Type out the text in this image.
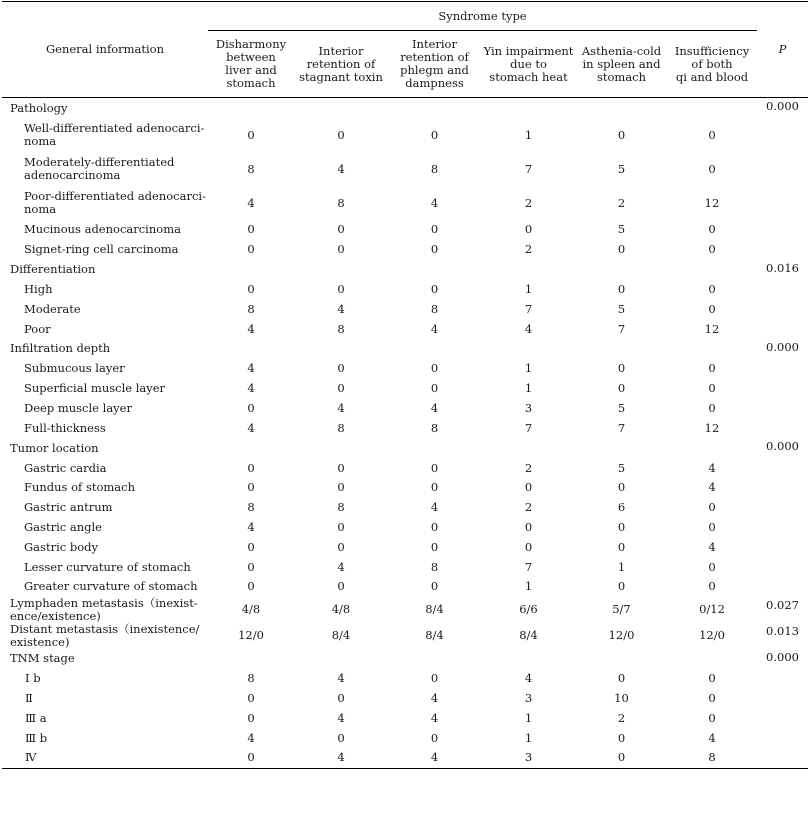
General information	Syndrome type						P
	Disharmony
between
liver and
stomach	Interior
retention of
stagnant toxin	Interior
retention of
phlegm and
dampness	Yin impairment
due to
stomach heat	Asthenia-cold
in spleen and
stomach	Insufficiency
of both
qi and blood	
Pathology							0.000
Well-differentiated adenocarci-
noma	0	0	0	1	0	0	
Moderately-differentiated
adenocarcinoma	8	4	8	7	5	0	
Poor-differentiated adenocarci-
noma	4	8	4	2	2	12	
Mucinous adenocarcinoma	0	0	0	0	5	0	
Signet-ring cell carcinoma	0	0	0	2	0	0	
Differentiation							0.016
High	0	0	0	1	0	0	
Moderate	8	4	8	7	5	0	
Poor	4	8	4	4	7	12	
Infiltration depth							0.000
Submucous layer	4	0	0	1	0	0	
Superficial muscle layer	4	0	0	1	0	0	
Deep muscle layer	0	4	4	3	5	0	
Full-thickness	4	8	8	7	7	12	
Tumor location							0.000
Gastric cardia	0	0	0	2	5	4	
Fundus of stomach	0	0	0	0	0	4	
Gastric antrum	8	8	4	2	6	0	
Gastric angle	4	0	0	0	0	0	
Gastric body	0	0	0	0	0	4	
Lesser curvature of stomach	0	4	8	7	1	0	
Greater curvature of stomach	0	0	0	1	0	0	
Lymphaden metastasis（inexist-
ence/existence)	4/8	4/8	8/4	6/6	5/7	0/12	0.027
Distant metastasis（inexistence/
existence)	12/0	8/4	8/4	8/4	12/0	12/0	0.013
TNM stage							0.000
Ⅰ b	8	4	0	4	0	0	
Ⅱ	0	0	4	3	10	0	
Ⅲ a	0	4	4	1	2	0	
Ⅲ b	4	0	0	1	0	4	
Ⅳ	0	4	4	3	0	8	
